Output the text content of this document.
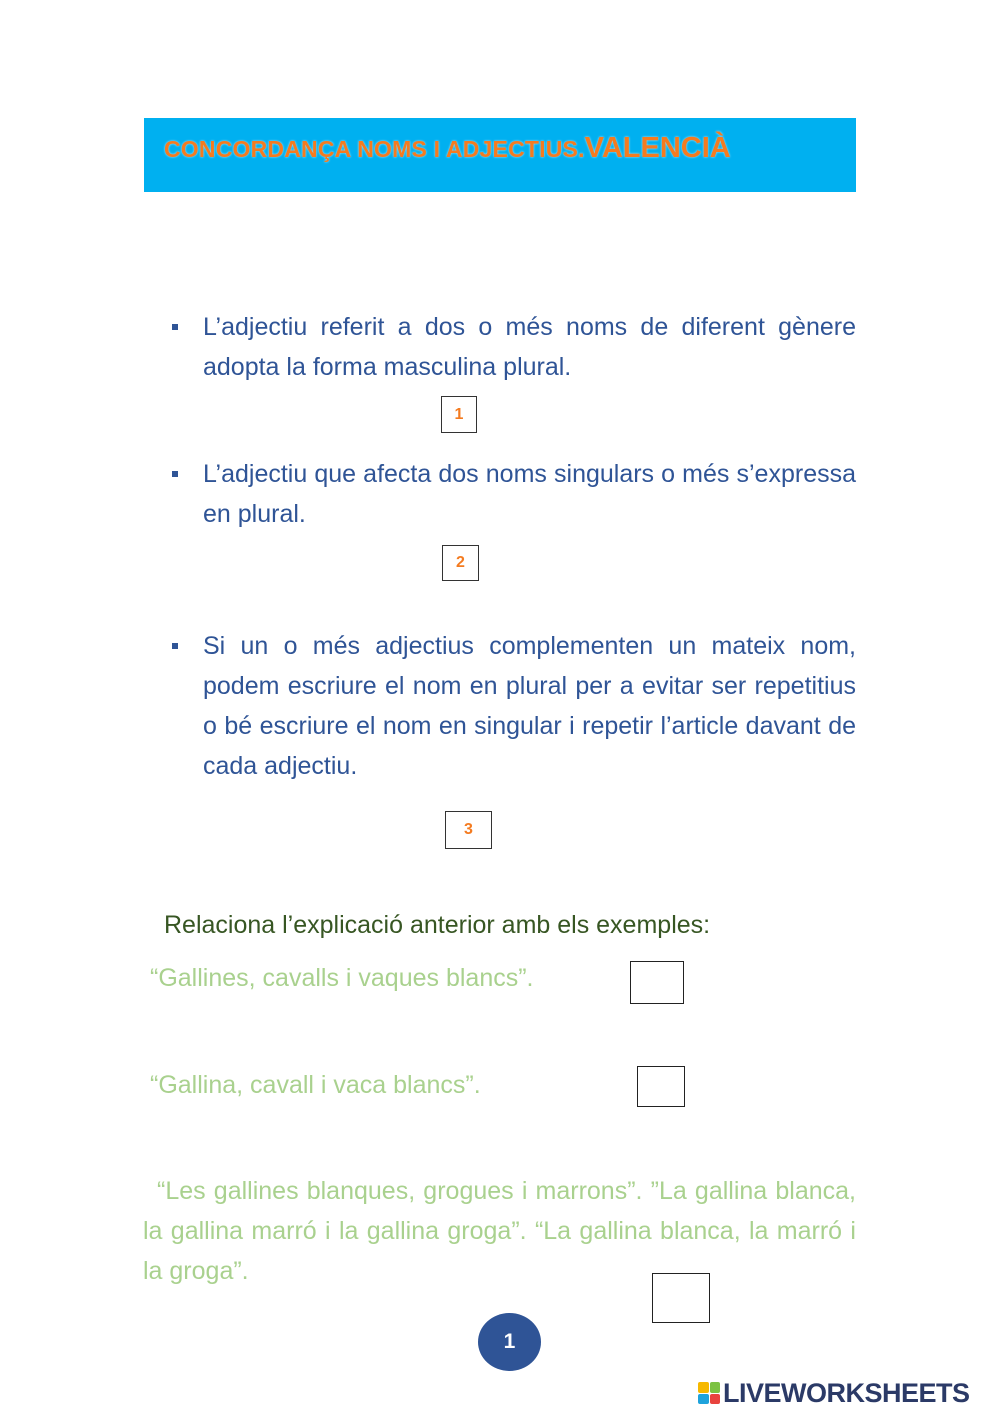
CONCORDANÇA NOMS I ADJECTIUS.VALENCIÀ
L’adjectiu referit a dos o més noms de diferent gènere adopta la forma masculina plural.
1
L’adjectiu que afecta dos noms singulars o més s’expressa en plural.
2
Si un o més adjectius complementen un mateix nom, podem escriure el nom en plural per a evitar ser repetitius o bé escriure el nom en singular i repetir l’article davant de cada adjectiu.
3
Relaciona l’explicació anterior amb els exemples:
“Gallines, cavalls i vaques blancs”.
“Gallina, cavall i vaca blancs”.
“Les gallines blanques, grogues i marrons”. ”La gallina blanca, la gallina marró i la gallina groga”. “La gallina blanca, la marró i la groga”.
1
LIVEWORKSHEETS
